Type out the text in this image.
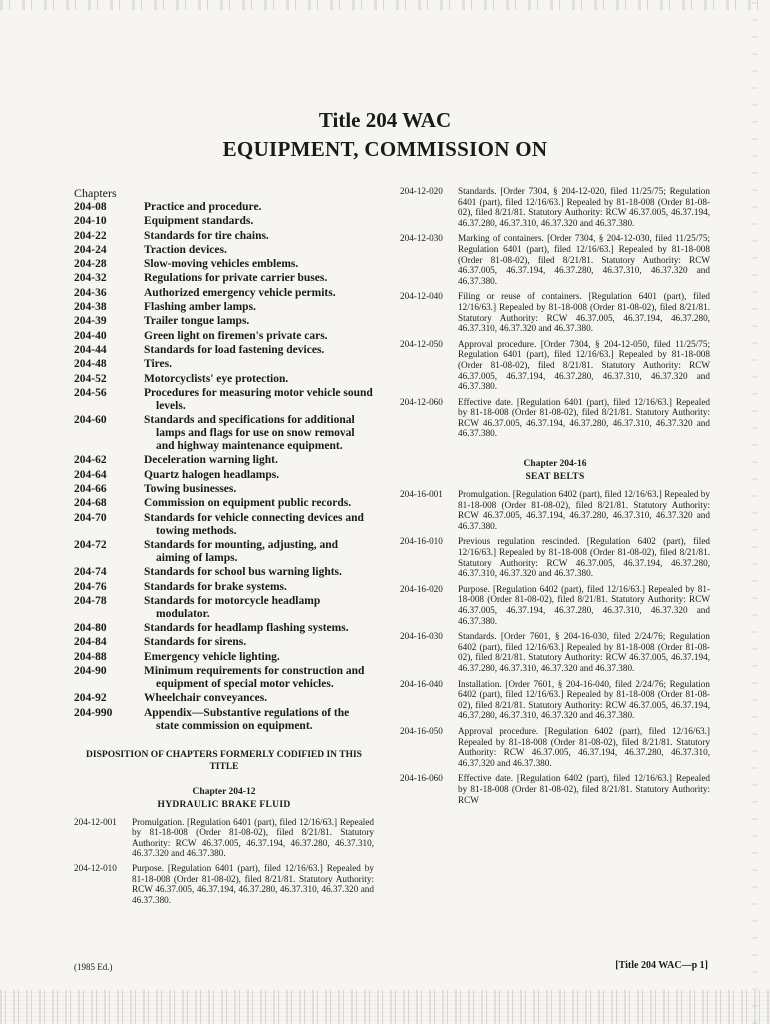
Title 204 WAC
EQUIPMENT, COMMISSION ON
Chapters
204-08	Practice and procedure.
204-10	Equipment standards.
204-22	Standards for tire chains.
204-24	Traction devices.
204-28	Slow-moving vehicles emblems.
204-32	Regulations for private carrier buses.
204-36	Authorized emergency vehicle permits.
204-38	Flashing amber lamps.
204-39	Trailer tongue lamps.
204-40	Green light on firemen's private cars.
204-44	Standards for load fastening devices.
204-48	Tires.
204-52	Motorcyclists' eye protection.
204-56	Procedures for measuring motor vehicle sound levels.
204-60	Standards and specifications for additional lamps and flags for use on snow removal and highway maintenance equipment.
204-62	Deceleration warning light.
204-64	Quartz halogen headlamps.
204-66	Towing businesses.
204-68	Commission on equipment public records.
204-70	Standards for vehicle connecting devices and towing methods.
204-72	Standards for mounting, adjusting, and aiming of lamps.
204-74	Standards for school bus warning lights.
204-76	Standards for brake systems.
204-78	Standards for motorcycle headlamp modulator.
204-80	Standards for headlamp flashing systems.
204-84	Standards for sirens.
204-88	Emergency vehicle lighting.
204-90	Minimum requirements for construction and equipment of special motor vehicles.
204-92	Wheelchair conveyances.
204-990	Appendix—Substantive regulations of the state commission on equipment.
DISPOSITION OF CHAPTERS FORMERLY CODIFIED IN THIS TITLE
Chapter 204-12
HYDRAULIC BRAKE FLUID
204-12-001	Promulgation. [Regulation 6401 (part), filed 12/16/63.] Repealed by 81-18-008 (Order 81-08-02), filed 8/21/81. Statutory Authority: RCW 46.37.005, 46.37.194, 46.37.280, 46.37.310, 46.37.320 and 46.37.380.
204-12-010	Purpose. [Regulation 6401 (part), filed 12/16/63.] Repealed by 81-18-008 (Order 81-08-02), filed 8/21/81. Statutory Authority: RCW 46.37.005, 46.37.194, 46.37.280, 46.37.310, 46.37.320 and 46.37.380.
204-12-020	Standards. [Order 7304, § 204-12-020, filed 11/25/75; Regulation 6401 (part), filed 12/16/63.] Repealed by 81-18-008 (Order 81-08-02), filed 8/21/81. Statutory Authority: RCW 46.37.005, 46.37.194, 46.37.280, 46.37.310, 46.37.320 and 46.37.380.
204-12-030	Marking of containers. [Order 7304, § 204-12-030, filed 11/25/75; Regulation 6401 (part), filed 12/16/63.] Repealed by 81-18-008 (Order 81-08-02), filed 8/21/81. Statutory Authority: RCW 46.37.005, 46.37.194, 46.37.280, 46.37.310, 46.37.320 and 46.37.380.
204-12-040	Filing or reuse of containers. [Regulation 6401 (part), filed 12/16/63.] Repealed by 81-18-008 (Order 81-08-02), filed 8/21/81. Statutory Authority: RCW 46.37.005, 46.37.194, 46.37.280, 46.37.310, 46.37.320 and 46.37.380.
204-12-050	Approval procedure. [Order 7304, § 204-12-050, filed 11/25/75; Regulation 6401 (part), filed 12/16/63.] Repealed by 81-18-008 (Order 81-08-02), filed 8/21/81. Statutory Authority: RCW 46.37.005, 46.37.194, 46.37.280, 46.37.310, 46.37.320 and 46.37.380.
204-12-060	Effective date. [Regulation 6401 (part), filed 12/16/63.] Repealed by 81-18-008 (Order 81-08-02), filed 8/21/81. Statutory Authority: RCW 46.37.005, 46.37.194, 46.37.280, 46.37.310, 46.37.320 and 46.37.380.
Chapter 204-16
SEAT BELTS
204-16-001	Promulgation. [Regulation 6402 (part), filed 12/16/63.] Repealed by 81-18-008 (Order 81-08-02), filed 8/21/81. Statutory Authority: RCW 46.37.005, 46.37.194, 46.37.280, 46.37.310, 46.37.320 and 46.37.380.
204-16-010	Previous regulation rescinded. [Regulation 6402 (part), filed 12/16/63.] Repealed by 81-18-008 (Order 81-08-02), filed 8/21/81. Statutory Authority: RCW 46.37.005, 46.37.194, 46.37.280, 46.37.310, 46.37.320 and 46.37.380.
204-16-020	Purpose. [Regulation 6402 (part), filed 12/16/63.] Repealed by 81-18-008 (Order 81-08-02), filed 8/21/81. Statutory Authority: RCW 46.37.005, 46.37.194, 46.37.280, 46.37.310, 46.37.320 and 46.37.380.
204-16-030	Standards. [Order 7601, § 204-16-030, filed 2/24/76; Regulation 6402 (part), filed 12/16/63.] Repealed by 81-18-008 (Order 81-08-02), filed 8/21/81. Statutory Authority: RCW 46.37.005, 46.37.194, 46.37.280, 46.37.310, 46.37.320 and 46.37.380.
204-16-040	Installation. [Order 7601, § 204-16-040, filed 2/24/76; Regulation 6402 (part), filed 12/16/63.] Repealed by 81-18-008 (Order 81-08-02), filed 8/21/81. Statutory Authority: RCW 46.37.005, 46.37.194, 46.37.280, 46.37.310, 46.37.320 and 46.37.380.
204-16-050	Approval procedure. [Regulation 6402 (part), filed 12/16/63.] Repealed by 81-18-008 (Order 81-08-02), filed 8/21/81. Statutory Authority: RCW 46.37.005, 46.37.194, 46.37.280, 46.37.310, 46.37.320 and 46.37.380.
204-16-060	Effective date. [Regulation 6402 (part), filed 12/16/63.] Repealed by 81-18-008 (Order 81-08-02), filed 8/21/81. Statutory Authority: RCW
(1985 Ed.)	[Title 204 WAC—p 1]
